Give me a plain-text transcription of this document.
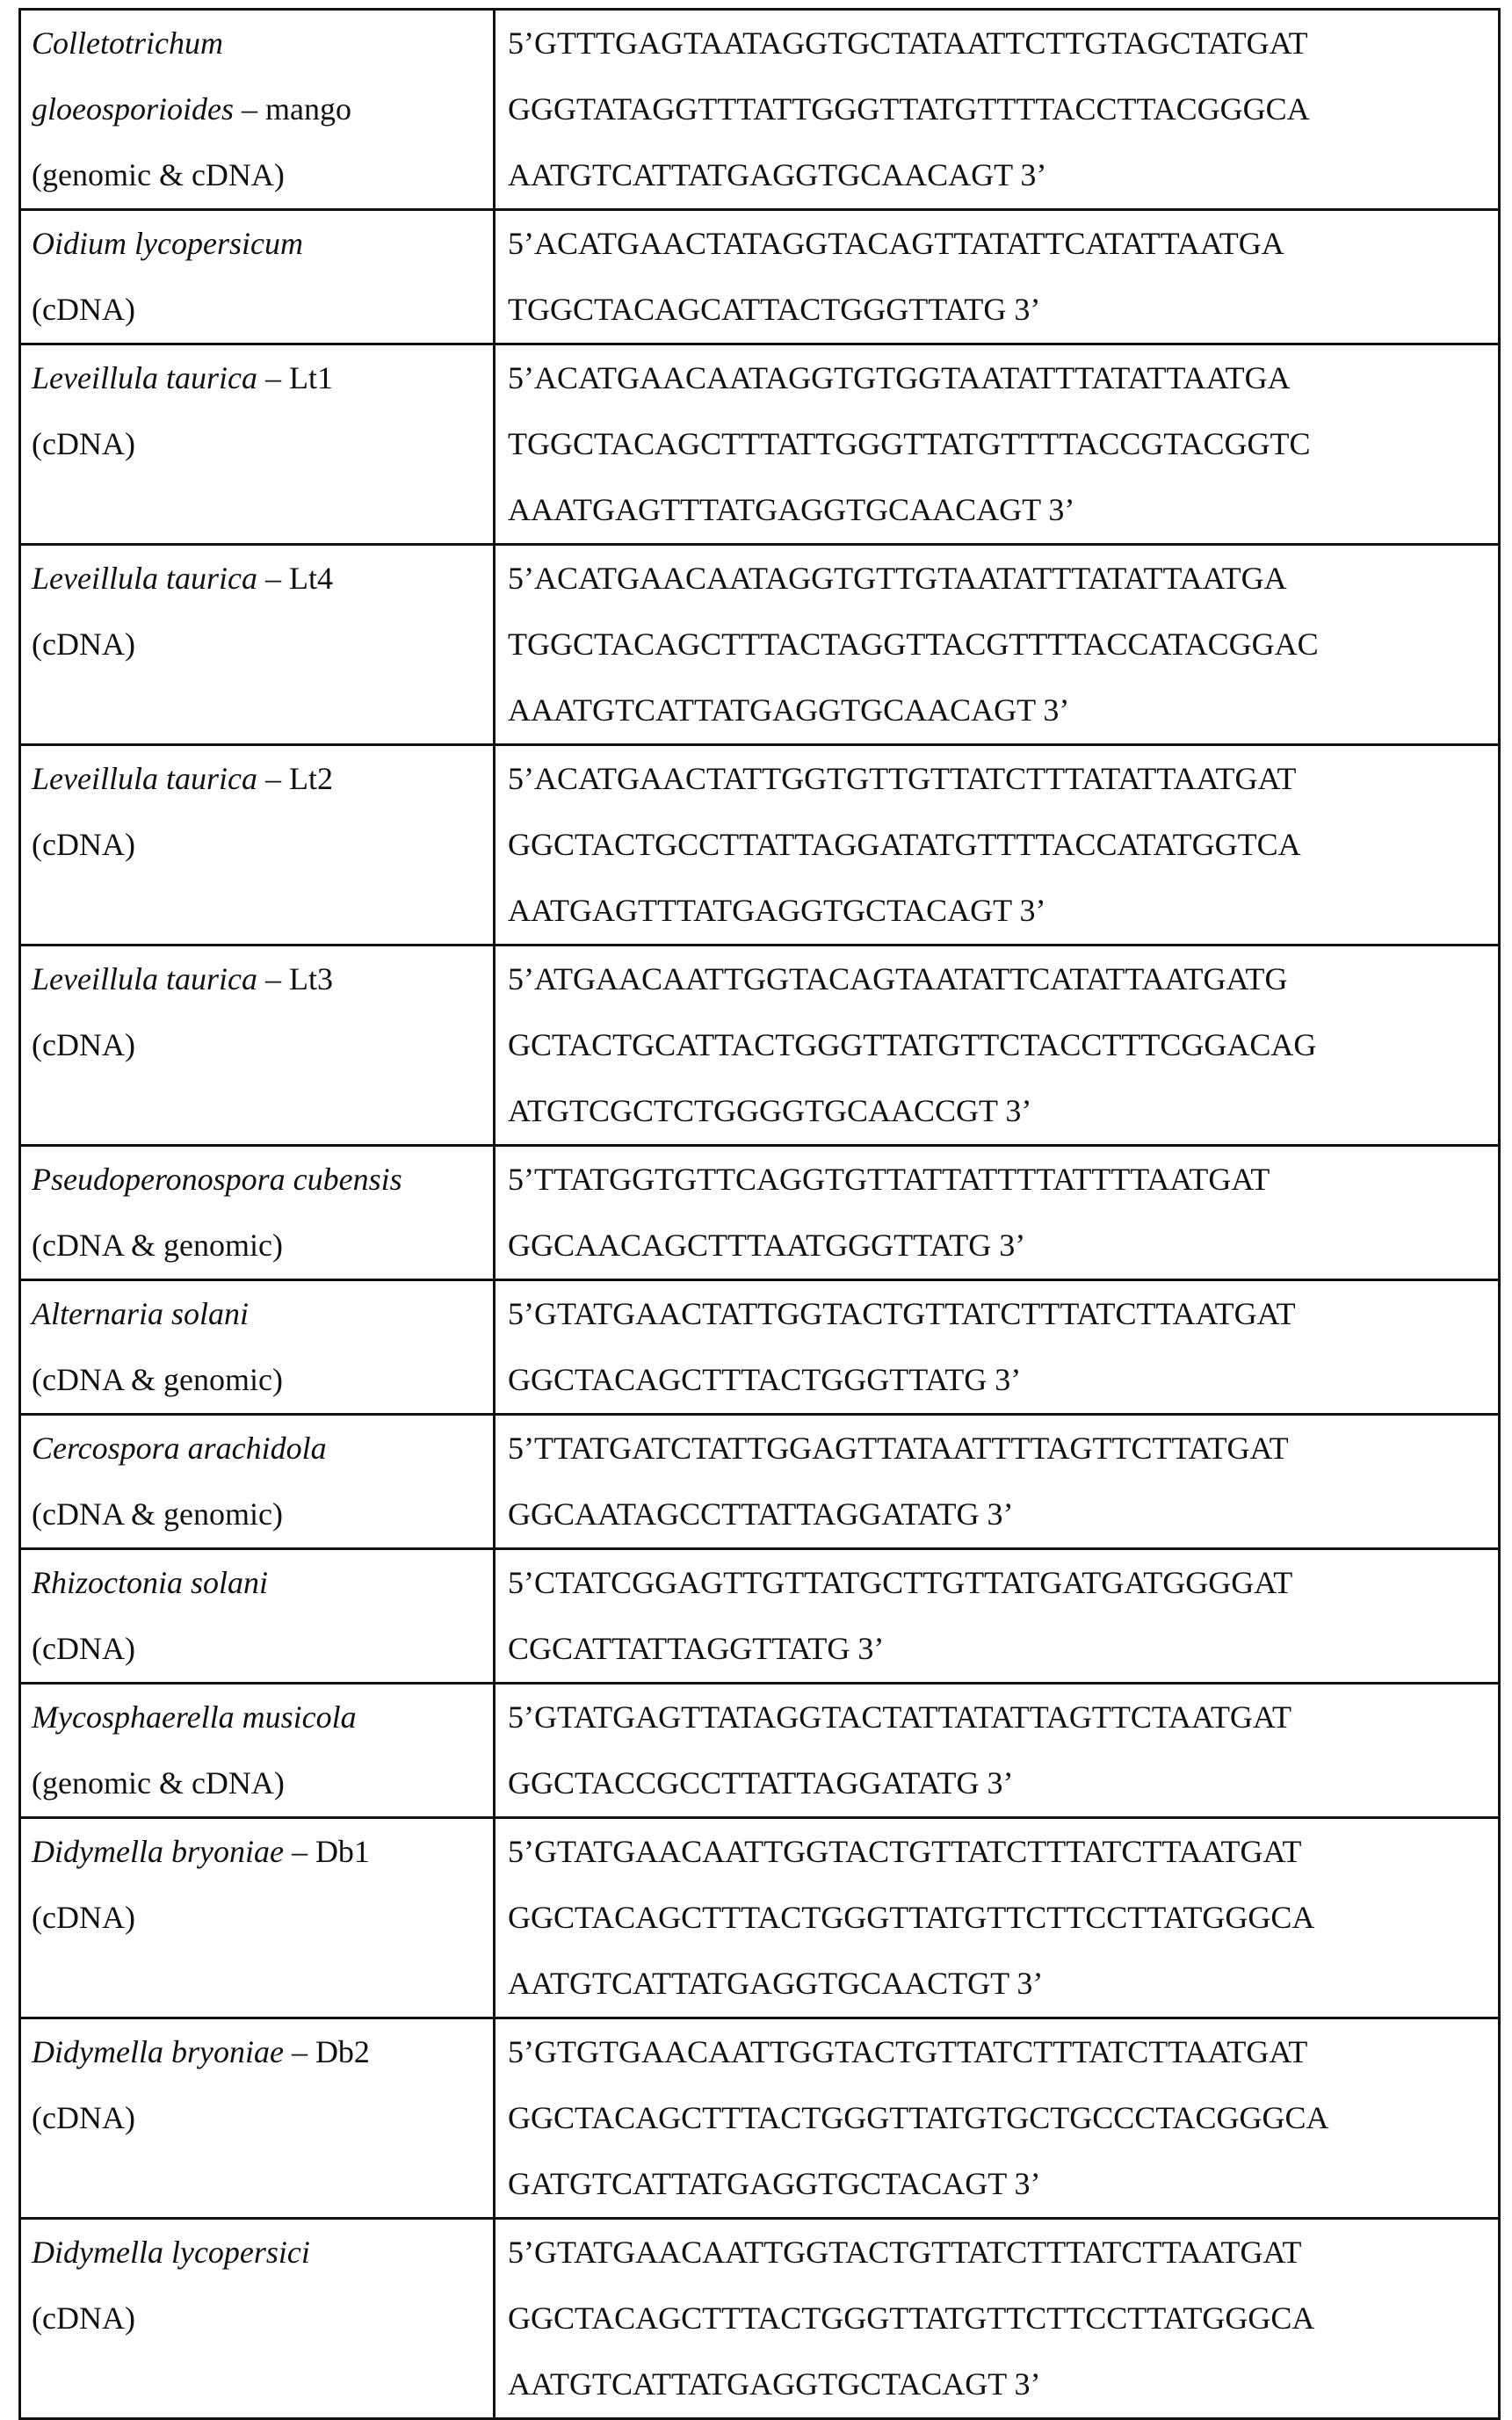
Colletotrichum
gloeosporioides – mango
(genomic & cDNA)

5’GTTTGAGTAATAGGTGCTATAATTCTTGTAGCTATGAT
GGGTATAGGTTTATTGGGTTATGTTTTACCTTACGGGCA
AATGTCATTATGAGGTGCAACAGT 3’

Oidium lycopersicum
(cDNA)

5’ACATGAACTATAGGTACAGTTATATTCATATTAATGA
TGGCTACAGCATTACTGGGTTATG 3’

Leveillula taurica – Lt1
(cDNA)

5’ACATGAACAATAGGTGTGGTAATATTTATATTAATGA
TGGCTACAGCTTTATTGGGTTATGTTTTACCGTACGGTC
AAATGAGTTTATGAGGTGCAACAGT 3’

Leveillula taurica – Lt4
(cDNA)

5’ACATGAACAATAGGTGTTGTAATATTTATATTAATGA
TGGCTACAGCTTTACTAGGTTACGTTTTACCATACGGAC
AAATGTCATTATGAGGTGCAACAGT 3’

Leveillula taurica – Lt2
(cDNA)

5’ACATGAACTATTGGTGTTGTTATCTTTATATTAATGAT
GGCTACTGCCTTATTAGGATATGTTTTACCATATGGTCA
AATGAGTTTATGAGGTGCTACAGT 3’

Leveillula taurica – Lt3
(cDNA)

5’ATGAACAATTGGTACAGTAATATTCATATTAATGATG
GCTACTGCATTACTGGGTTATGTTCTACCTTTCGGACAG
ATGTCGCTCTGGGGTGCAACCGT 3’

Pseudoperonospora cubensis
(cDNA & genomic)

5’TTATGGTGTTCAGGTGTTATTATTTTATTTTAATGAT
GGCAACAGCTTTAATGGGTTATG 3’

Alternaria solani
(cDNA & genomic)

5’GTATGAACTATTGGTACTGTTATCTTTATCTTAATGAT
GGCTACAGCTTTACTGGGTTATG 3’

Cercospora arachidola
(cDNA & genomic)

5’TTATGATCTATTGGAGTTATAATTTTAGTTCTTATGAT
GGCAATAGCCTTATTAGGATATG 3’

Rhizoctonia solani
(cDNA)

5’CTATCGGAGTTGTTATGCTTGTTATGATGATGGGGAT
CGCATTATTAGGTTATG 3’

Mycosphaerella musicola
(genomic & cDNA)

5’GTATGAGTTATAGGTACTATTATATTAGTTCTAATGAT
GGCTACCGCCTTATTAGGATATG 3’

Didymella bryoniae – Db1
(cDNA)

5’GTATGAACAATTGGTACTGTTATCTTTATCTTAATGAT
GGCTACAGCTTTACTGGGTTATGTTCTTCCTTATGGGCA
AATGTCATTATGAGGTGCAACTGT 3’

Didymella bryoniae – Db2
(cDNA)

5’GTGTGAACAATTGGTACTGTTATCTTTATCTTAATGAT
GGCTACAGCTTTACTGGGTTATGTGCTGCCCTACGGGCA
GATGTCATTATGAGGTGCTACAGT 3’

Didymella lycopersici
(cDNA)

5’GTATGAACAATTGGTACTGTTATCTTTATCTTAATGAT
GGCTACAGCTTTACTGGGTTATGTTCTTCCTTATGGGCA
AATGTCATTATGAGGTGCTACAGT 3’
